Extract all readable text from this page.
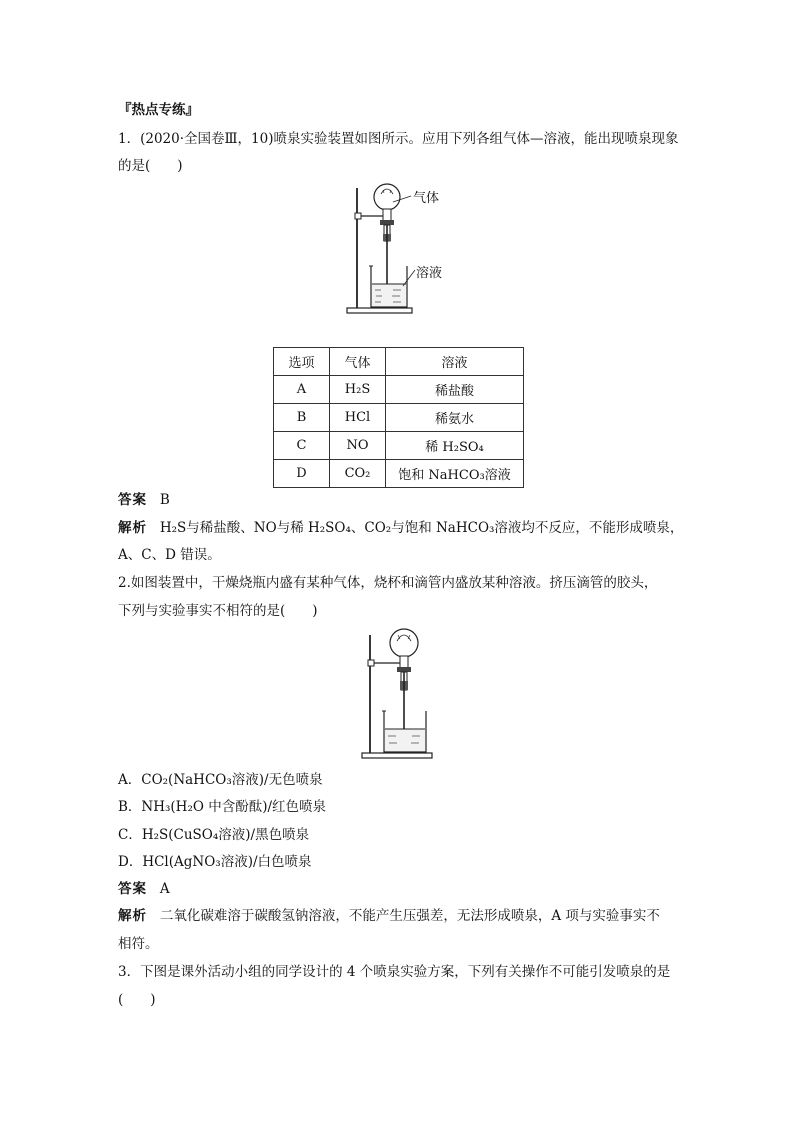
『热点专练』
1．(2020·全国卷Ⅲ，10)喷泉实验装置如图所示。应用下列各组气体—溶液，能出现喷泉现象
的是(　　)
气体
溶液
选项	气体	溶液
A	H₂S	稀盐酸
B	HCl	稀氨水
C	NO	稀 H₂SO₄
D	CO₂	饱和 NaHCO₃溶液
答案 B
解析 H₂S与稀盐酸、NO与稀 H₂SO₄、CO₂与饱和 NaHCO₃溶液均不反应，不能形成喷泉，
A、C、D 错误。
2.如图装置中，干燥烧瓶内盛有某种气体，烧杯和滴管内盛放某种溶液。挤压滴管的胶头，
下列与实验事实不相符的是(　　)
A．CO₂(NaHCO₃溶液)/无色喷泉
B．NH₃(H₂O 中含酚酞)/红色喷泉
C．H₂S(CuSO₄溶液)/黑色喷泉
D．HCl(AgNO₃溶液)/白色喷泉
答案 A
解析 二氧化碳难溶于碳酸氢钠溶液，不能产生压强差，无法形成喷泉，A 项与实验事实不
相符。
3．下图是课外活动小组的同学设计的 4 个喷泉实验方案，下列有关操作不可能引发喷泉的是
(　　)
